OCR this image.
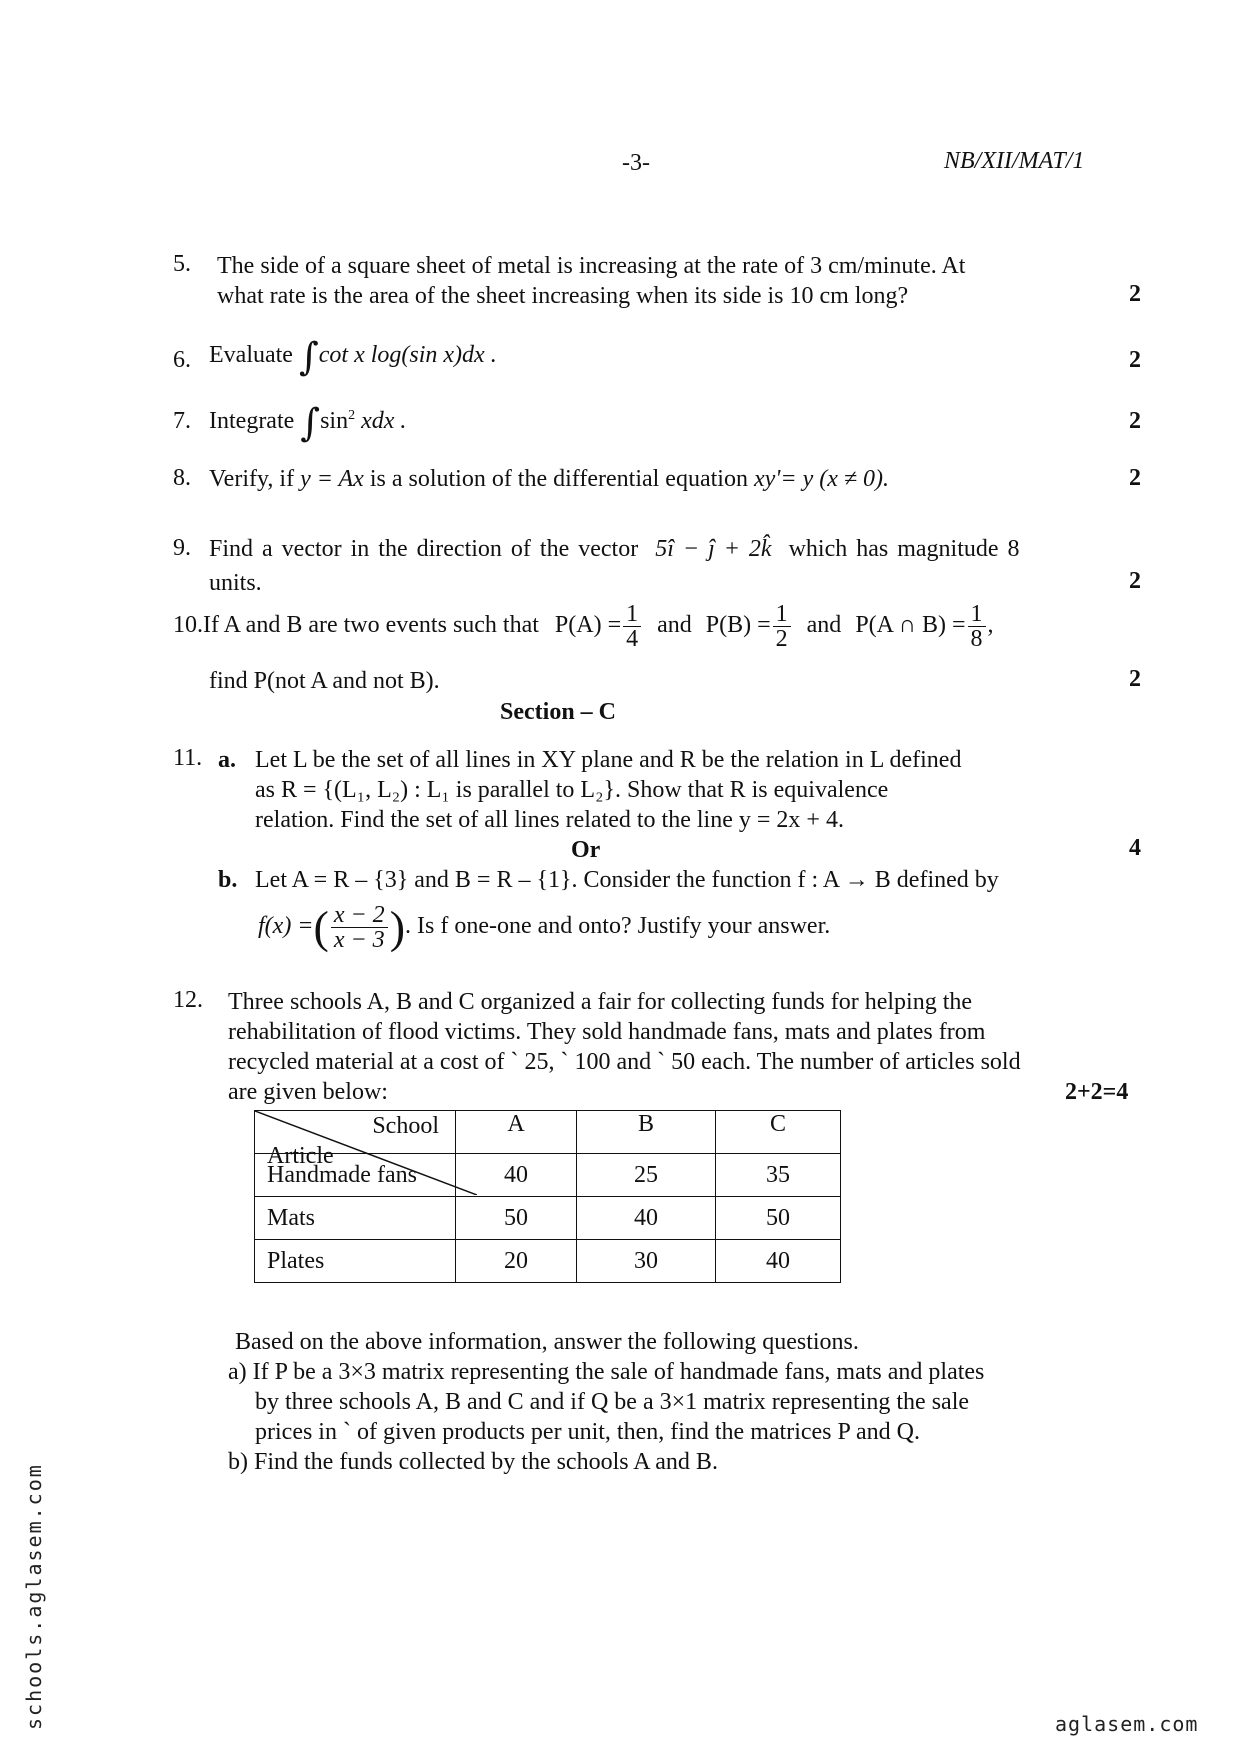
-3-	NB/XII/MAT/1
5. The side of a square sheet of metal is increasing at the rate of 3 cm/minute. At
what rate is the area of the sheet increasing when its side is 10 cm long?	2
6. Evaluate ∫cot x log(sin x)dx .	2
7. Integrate $\int\sin^2$ xdx .	2
8. Verify, if y = Ax is a solution of the differential equation xy'= y (x ≠ 0).	2
9. Find a vector in the direction of the vector 5î − ĵ + 2k̂ which has magnitude 8
units.	2
10.If A and B are two events such that $P(A) = \frac{1}{4}$ and $P(B) = \frac{1}{2}$ and P(A ∩ $B) = \frac{1}{8}$ ,
find P(not A and not B).	2
Section – C
11. a. Let L be the set of all lines in XY plane and R be the relation in L defined
as R = {(L₁, L₂) : L₁ is parallel to L₂}. Show that R is equivalence
relation. Find the set of all lines related to the line y = 2x + 4.
Or	4
b. Let A = R – {3} and B = R – {1}. Consider the function f : A → B defined by
f(x) =( $\frac{x - 2}{x - 3}$ ). Is f one-one and onto? Justify your answer.
12. Three schools A, B and C organized a fair for collecting funds for helping the
rehabilitation of flood victims. They sold handmade fans, mats and plates from
recycled material at a cost of ` 25, ` 100 and ` 50 each. The number of articles sold
are given below:	2+2=4
School
Article	A	B	C
Handmade fans	40	25	35
Mats	50	40	50
Plates	20	30	40
Based on the above information, answer the following questions.
a) If P be a 3×3 matrix representing the sale of handmade fans, mats and plates
by three schools A, B and C and if Q be a 3×1 matrix representing the sale
prices in ` of given products per unit, then, find the matrices P and Q.
b) Find the funds collected by the schools A and B.
schools.aglasem.com	aglasem.com
